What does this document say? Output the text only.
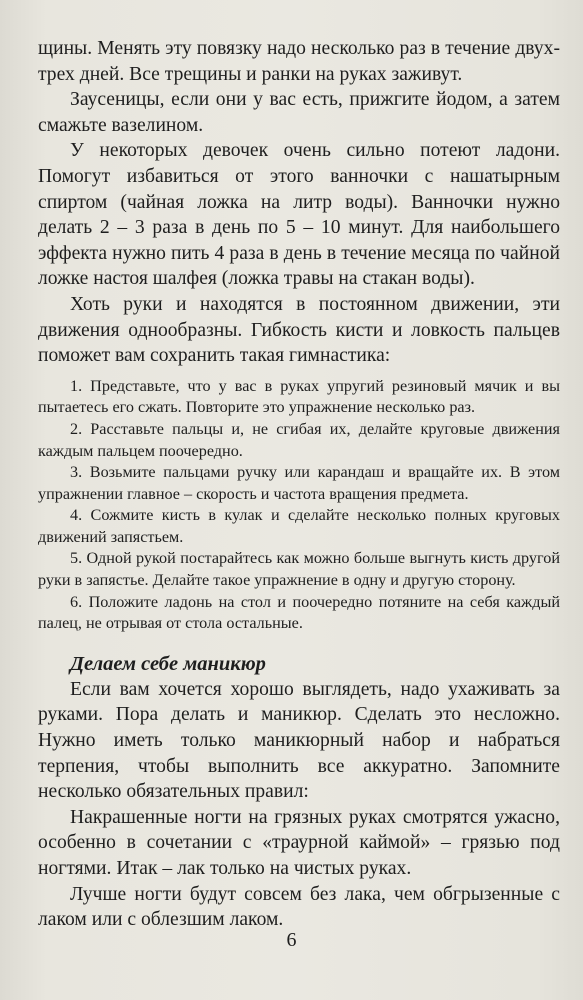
щины. Менять эту повязку надо несколько раз в течение двух-трех дней. Все трещины и ранки на руках заживут.

Заусеницы, если они у вас есть, прижгите йодом, а затем смажьте вазелином.

У некоторых девочек очень сильно потеют ладони. Помогут избавиться от этого ванночки с нашатырным спиртом (чайная ложка на литр воды). Ванночки нужно делать 2 – 3 раза в день по 5 – 10 минут. Для наибольшего эффекта нужно пить 4 раза в день в течение месяца по чайной ложке настоя шалфея (ложка травы на стакан воды).

Хоть руки и находятся в постоянном движении, эти движения однообразны. Гибкость кисти и ловкость пальцев поможет вам сохранить такая гимнастика:

1. Представьте, что у вас в руках упругий резиновый мячик и вы пытаетесь его сжать. Повторите это упражнение несколько раз.

2. Расставьте пальцы и, не сгибая их, делайте круговые движения каждым пальцем поочередно.

3. Возьмите пальцами ручку или карандаш и вращайте их. В этом упражнении главное – скорость и частота вращения предмета.

4. Сожмите кисть в кулак и сделайте несколько полных круговых движений запястьем.

5. Одной рукой постарайтесь как можно больше выгнуть кисть другой руки в запястье. Делайте такое упражнение в одну и другую сторону.

6. Положите ладонь на стол и поочередно потяните на себя каждый палец, не отрывая от стола остальные.

Делаем себе маникюр

Если вам хочется хорошо выглядеть, надо ухаживать за руками. Пора делать и маникюр. Сделать это несложно. Нужно иметь только маникюрный набор и набраться терпения, чтобы выполнить все аккуратно. Запомните несколько обязательных правил:

Накрашенные ногти на грязных руках смотрятся ужасно, особенно в сочетании с «траурной каймой» – грязью под ногтями. Итак – лак только на чистых руках.

Лучше ногти будут совсем без лака, чем обгрызенные с лаком или с облезшим лаком.

6
